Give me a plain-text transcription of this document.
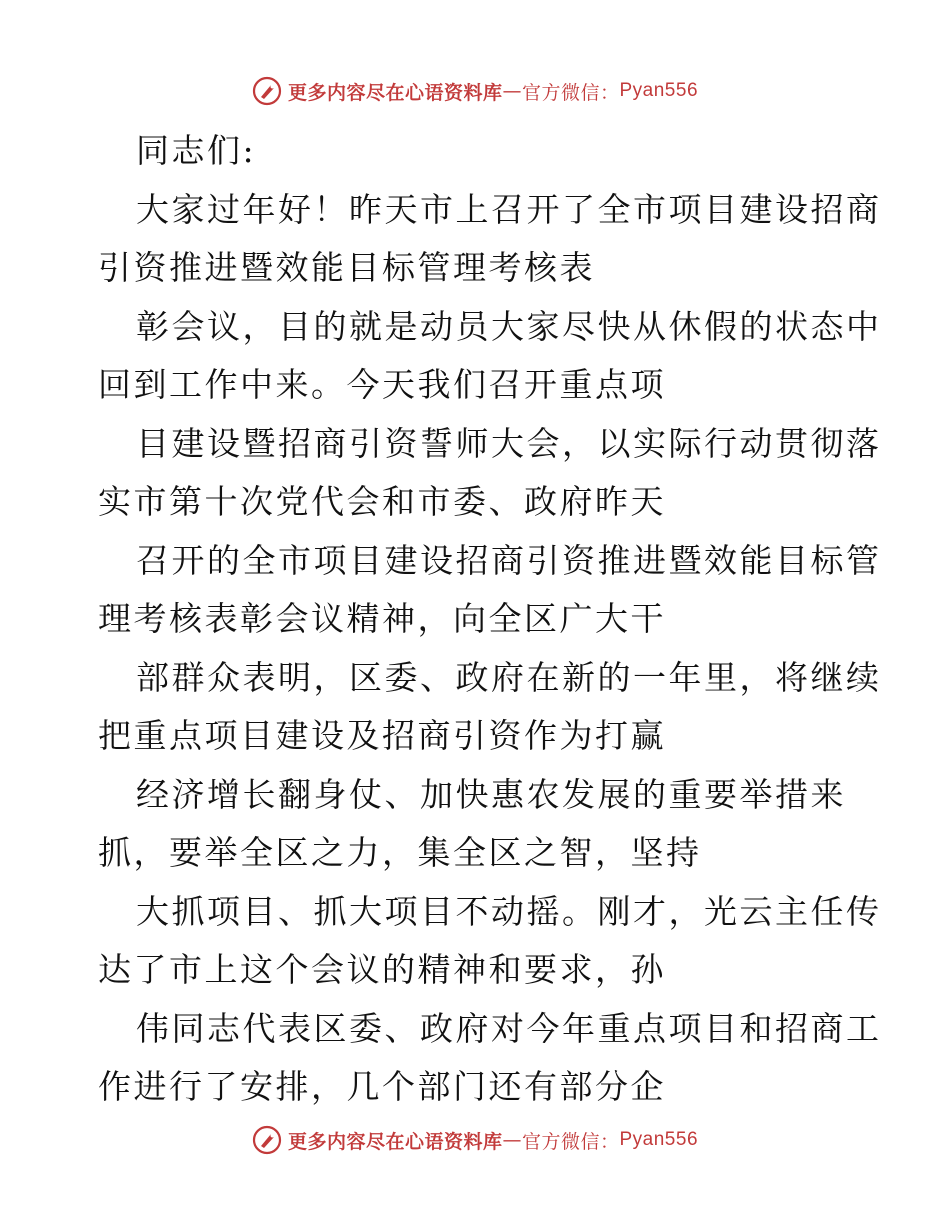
更多内容尽在心语资料库 — 官方微信： Pyan556
同志们:
大家过年好！昨天市上召开了全市项目建设招商
引资推进暨效能目标管理考核表
彰会议，目的就是动员大家尽快从休假的状态中
回到工作中来。今天我们召开重点项
目建设暨招商引资誓师大会，以实际行动贯彻落
实市第十次党代会和市委、政府昨天
召开的全市项目建设招商引资推进暨效能目标管
理考核表彰会议精神，向全区广大干
部群众表明，区委、政府在新的一年里，将继续
把重点项目建设及招商引资作为打赢
经济增长翻身仗、加快惠农发展的重要举措来
抓，要举全区之力，集全区之智，坚持
大抓项目、抓大项目不动摇。刚才，光云主任传
达了市上这个会议的精神和要求，孙
伟同志代表区委、政府对今年重点项目和招商工
作进行了安排，几个部门还有部分企
更多内容尽在心语资料库 — 官方微信： Pyan556
